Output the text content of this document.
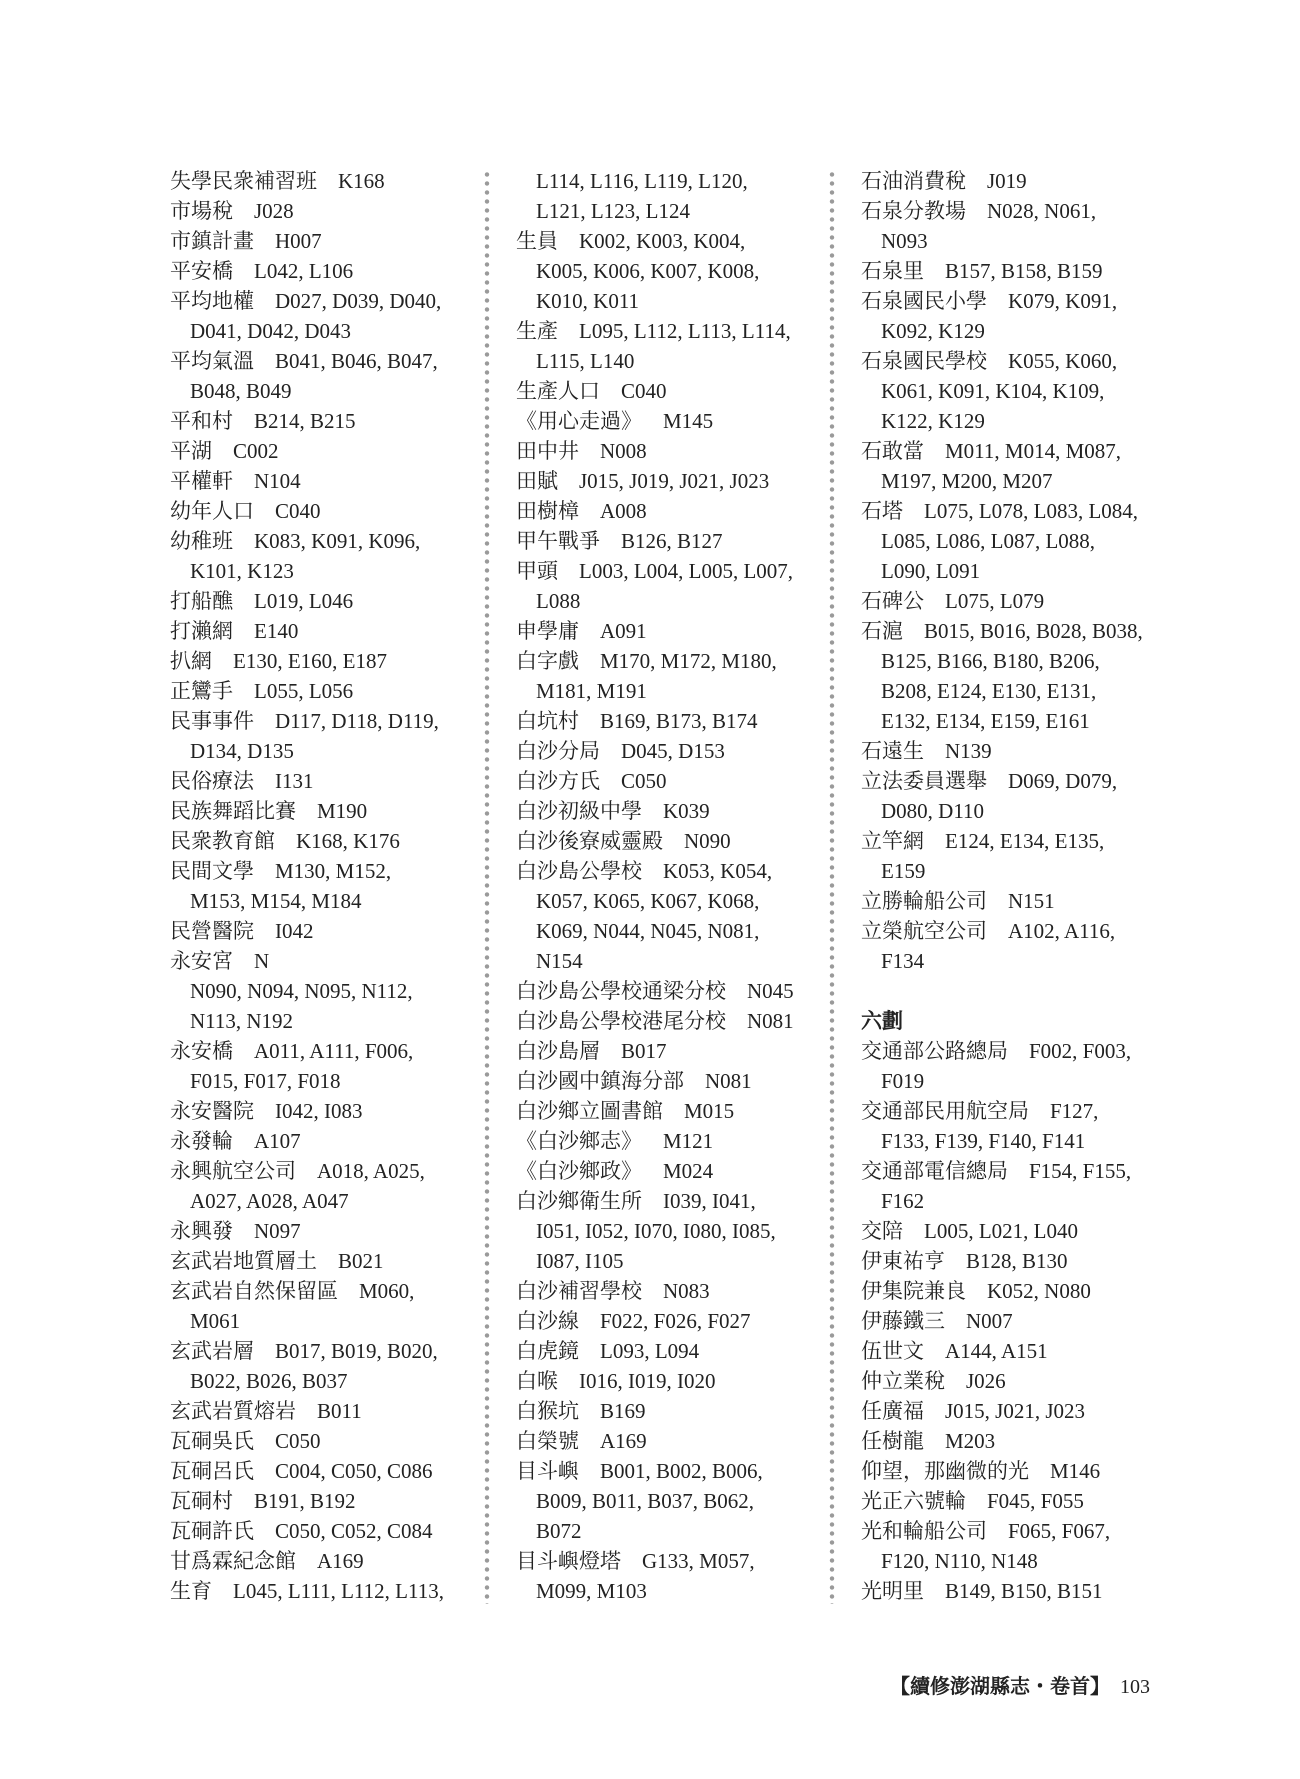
失學民衆補習班 K168
市場稅 J028
市鎮計畫 H007
平安橋 L042, L106
平均地權 D027, D039, D040,
D041, D042, D043
平均氣溫 B041, B046, B047,
B048, B049
平和村 B214, B215
平湖 C002
平權軒 N104
幼年人口 C040
幼稚班 K083, K091, K096,
K101, K123
打船醮 L019, L046
打瀨網 E140
扒網 E130, E160, E187
正鸞手 L055, L056
民事事件 D117, D118, D119,
D134, D135
民俗療法 I131
民族舞蹈比賽 M190
民衆教育館 K168, K176
民間文學 M130, M152,
M153, M154, M184
民營醫院 I042
永安宮 N
N090, N094, N095, N112,
N113, N192
永安橋 A011, A111, F006,
F015, F017, F018
永安醫院 I042, I083
永發輪 A107
永興航空公司 A018, A025,
A027, A028, A047
永興發 N097
玄武岩地質層土 B021
玄武岩自然保留區 M060,
M061
玄武岩層 B017, B019, B020,
B022, B026, B037
玄武岩質熔岩 B011
瓦硐吳氏 C050
瓦硐呂氏 C004, C050, C086
瓦硐村 B191, B192
瓦硐許氏 C050, C052, C084
甘爲霖紀念館 A169
生育 L045, L111, L112, L113,
L114, L116, L119, L120,
L121, L123, L124
生員 K002, K003, K004,
K005, K006, K007, K008,
K010, K011
生產 L095, L112, L113, L114,
L115, L140
生產人口 C040
《用心走過》 M145
田中井 N008
田賦 J015, J019, J021, J023
田樹樟 A008
甲午戰爭 B126, B127
甲頭 L003, L004, L005, L007,
L088
申學庸 A091
白字戲 M170, M172, M180,
M181, M191
白坑村 B169, B173, B174
白沙分局 D045, D153
白沙方氏 C050
白沙初級中學 K039
白沙後寮威靈殿 N090
白沙島公學校 K053, K054,
K057, K065, K067, K068,
K069, N044, N045, N081,
N154
白沙島公學校通梁分校 N045
白沙島公學校港尾分校 N081
白沙島層 B017
白沙國中鎮海分部 N081
白沙鄉立圖書館 M015
《白沙鄉志》 M121
《白沙鄉政》 M024
白沙鄉衛生所 I039, I041,
I051, I052, I070, I080, I085,
I087, I105
白沙補習學校 N083
白沙線 F022, F026, F027
白虎鏡 L093, L094
白喉 I016, I019, I020
白猴坑 B169
白榮號 A169
目斗嶼 B001, B002, B006,
B009, B011, B037, B062,
B072
目斗嶼燈塔 G133, M057,
M099, M103
石油消費稅 J019
石泉分教場 N028, N061,
N093
石泉里 B157, B158, B159
石泉國民小學 K079, K091,
K092, K129
石泉國民學校 K055, K060,
K061, K091, K104, K109,
K122, K129
石敢當 M011, M014, M087,
M197, M200, M207
石塔 L075, L078, L083, L084,
L085, L086, L087, L088,
L090, L091
石碑公 L075, L079
石滬 B015, B016, B028, B038,
B125, B166, B180, B206,
B208, E124, E130, E131,
E132, E134, E159, E161
石遠生 N139
立法委員選舉 D069, D079,
D080, D110
立竿網 E124, E134, E135,
E159
立勝輪船公司 N151
立榮航空公司 A102, A116,
F134
六劃
交通部公路總局 F002, F003,
F019
交通部民用航空局 F127,
F133, F139, F140, F141
交通部電信總局 F154, F155,
F162
交陪 L005, L021, L040
伊東祐亨 B128, B130
伊集院兼良 K052, N080
伊藤鐵三 N007
伍世文 A144, A151
仲立業稅 J026
任廣福 J015, J021, J023
任樹龍 M203
仰望，那幽微的光 M146
光正六號輪 F045, F055
光和輪船公司 F065, F067,
F120, N110, N148
光明里 B149, B150, B151
【續修澎湖縣志・卷首】 103
